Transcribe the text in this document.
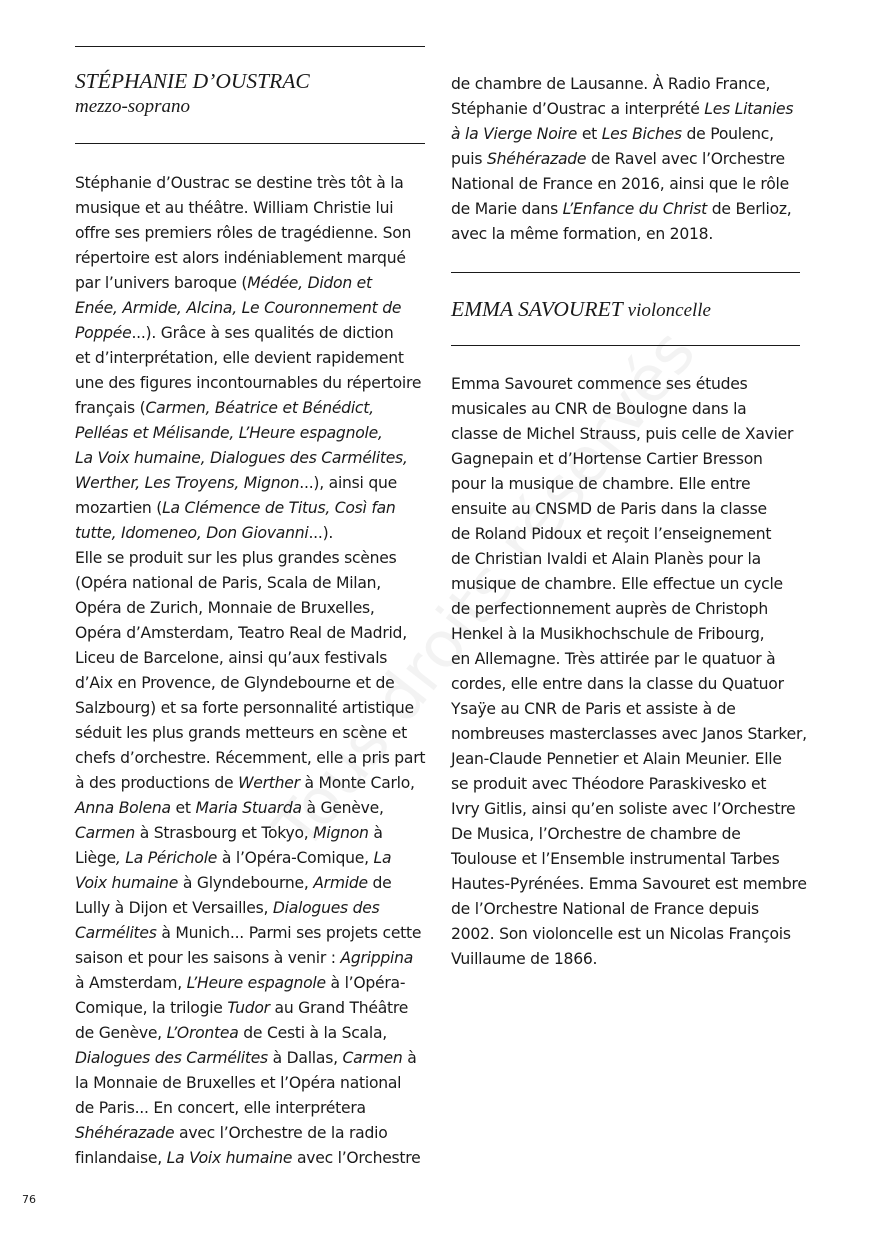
STÉPHANIE D’OUSTRAC
mezzo-soprano
Stéphanie d’Oustrac se destine très tôt à la
musique et au théâtre. William Christie lui
offre ses premiers rôles de tragédienne. Son
répertoire est alors indéniablement marqué
par l’univers baroque (Médée, Didon et
Enée, Armide, Alcina, Le Couronnement de
Poppée...). Grâce à ses qualités de diction
et d’interprétation, elle devient rapidement
une des figures incontournables du répertoire
français (Carmen, Béatrice et Bénédict,
Pelléas et Mélisande, L’Heure espagnole,
La Voix humaine, Dialogues des Carmélites,
Werther, Les Troyens, Mignon...), ainsi que
mozartien (La Clémence de Titus, Così fan
tutte, Idomeneo, Don Giovanni...).
Elle se produit sur les plus grandes scènes
(Opéra national de Paris, Scala de Milan,
Opéra de Zurich, Monnaie de Bruxelles,
Opéra d’Amsterdam, Teatro Real de Madrid,
Liceu de Barcelone, ainsi qu’aux festivals
d’Aix en Provence, de Glyndebourne et de
Salzbourg) et sa forte personnalité artistique
séduit les plus grands metteurs en scène et
chefs d’orchestre. Récemment, elle a pris part
à des productions de Werther à Monte Carlo,
Anna Bolena et Maria Stuarda à Genève,
Carmen à Strasbourg et Tokyo, Mignon à
Liège, La Périchole à l’Opéra-Comique, La
Voix humaine à Glyndebourne, Armide de
Lully à Dijon et Versailles, Dialogues des
Carmélites à Munich... Parmi ses projets cette
saison et pour les saisons à venir : Agrippina
à Amsterdam, L’Heure espagnole à l’Opéra-
Comique, la trilogie Tudor au Grand Théâtre
de Genève, L’Orontea de Cesti à la Scala,
Dialogues des Carmélites à Dallas, Carmen à
la Monnaie de Bruxelles et l’Opéra national
de Paris... En concert, elle interprétera
Shéhérazade avec l’Orchestre de la radio
finlandaise, La Voix humaine avec l’Orchestre
de chambre de Lausanne. À Radio France,
Stéphanie d’Oustrac a interprété Les Litanies
à la Vierge Noire et Les Biches de Poulenc,
puis Shéhérazade de Ravel avec l’Orchestre
National de France en 2016, ainsi que le rôle
de Marie dans L’Enfance du Christ de Berlioz,
avec la même formation, en 2018.
EMMA SAVOURET violoncelle
Emma Savouret commence ses études
musicales au CNR de Boulogne dans la
classe de Michel Strauss, puis celle de Xavier
Gagnepain et d’Hortense Cartier Bresson
pour la musique de chambre. Elle entre
ensuite au CNSMD de Paris dans la classe
de Roland Pidoux et reçoit l’enseignement
de Christian Ivaldi et Alain Planès pour la
musique de chambre. Elle effectue un cycle
de perfectionnement auprès de Christoph
Henkel à la Musikhochschule de Fribourg,
en Allemagne. Très attirée par le quatuor à
cordes, elle entre dans la classe du Quatuor
Ysaÿe au CNR de Paris et assiste à de
nombreuses masterclasses avec Janos Starker,
Jean-Claude Pennetier et Alain Meunier. Elle
se produit avec Théodore Paraskivesko et
Ivry Gitlis, ainsi qu’en soliste avec l’Orchestre
De Musica, l’Orchestre de chambre de
Toulouse et l’Ensemble instrumental Tarbes
Hautes-Pyrénées. Emma Savouret est membre
de l’Orchestre National de France depuis
2002. Son violoncelle est un Nicolas François
Vuillaume de 1866.
76
